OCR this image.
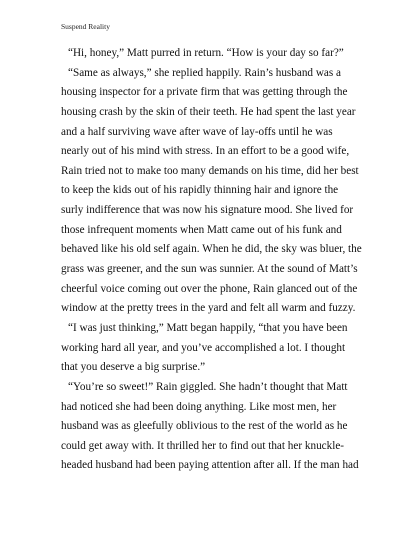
Suspend Reality
“Hi, honey,” Matt purred in return. “How is your day so far?”
“Same as always,” she replied happily. Rain’s husband was a
housing inspector for a private firm that was getting through the
housing crash by the skin of their teeth. He had spent the last year
and a half surviving wave after wave of lay-offs until he was
nearly out of his mind with stress. In an effort to be a good wife,
Rain tried not to make too many demands on his time, did her best
to keep the kids out of his rapidly thinning hair and ignore the
surly indifference that was now his signature mood. She lived for
those infrequent moments when Matt came out of his funk and
behaved like his old self again. When he did, the sky was bluer, the
grass was greener, and the sun was sunnier. At the sound of Matt’s
cheerful voice coming out over the phone, Rain glanced out of the
window at the pretty trees in the yard and felt all warm and fuzzy.
“I was just thinking,” Matt began happily, “that you have been
working hard all year, and you’ve accomplished a lot. I thought
that you deserve a big surprise.”
“You’re so sweet!” Rain giggled. She hadn’t thought that Matt
had noticed she had been doing anything. Like most men, her
husband was as gleefully oblivious to the rest of the world as he
could get away with. It thrilled her to find out that her knuckle-
headed husband had been paying attention after all. If the man had
